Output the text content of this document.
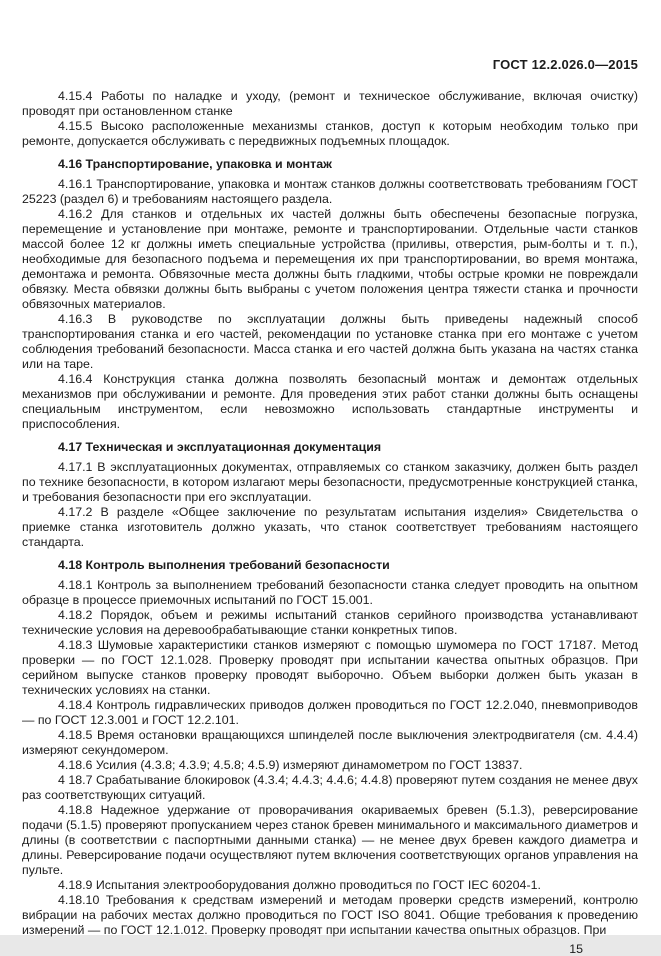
ГОСТ 12.2.026.0—2015

4.15.4 Работы по наладке и уходу, (ремонт и техническое обслуживание, включая очистку) проводят при остановленном станке

4.15.5 Высоко расположенные механизмы станков, доступ к которым необходим только при ремонте, допускается обслуживать с передвижных подъемных площадок.

4.16 Транспортирование, упаковка и монтаж

4.16.1 Транспортирование, упаковка и монтаж станков должны соответствовать требованиям ГОСТ 25223 (раздел 6) и требованиям настоящего раздела.

4.16.2 Для станков и отдельных их частей должны быть обеспечены безопасные погрузка, перемещение и установление при монтаже, ремонте и транспортировании. Отдельные части станков массой более 12 кг должны иметь специальные устройства (приливы, отверстия, рым-болты и т. п.), необходимые для безопасного подъема и перемещения их при транспортировании, во время монтажа, демонтажа и ремонта. Обвязочные места должны быть гладкими, чтобы острые кромки не повреждали обвязку. Места обвязки должны быть выбраны с учетом положения центра тяжести станка и прочности обвязочных материалов.

4.16.3 В руководстве по эксплуатации должны быть приведены надежный способ транспортирования станка и его частей, рекомендации по установке станка при его монтаже с учетом соблюдения требований безопасности. Масса станка и его частей должна быть указана на частях станка или на таре.

4.16.4 Конструкция станка должна позволять безопасный монтаж и демонтаж отдельных механизмов при обслуживании и ремонте. Для проведения этих работ станки должны быть оснащены специальным инструментом, если невозможно использовать стандартные инструменты и приспособления.

4.17 Техническая и эксплуатационная документация

4.17.1 В эксплуатационных документах, отправляемых со станком заказчику, должен быть раздел по технике безопасности, в котором излагают меры безопасности, предусмотренные конструкцией станка, и требования безопасности при его эксплуатации.

4.17.2 В разделе «Общее заключение по результатам испытания изделия» Свидетельства о приемке станка изготовитель должно указать, что станок соответствует требованиям настоящего стандарта.

4.18 Контроль выполнения требований безопасности

4.18.1 Контроль за выполнением требований безопасности станка следует проводить на опытном образце в процессе приемочных испытаний по ГОСТ 15.001.

4.18.2 Порядок, объем и режимы испытаний станков серийного производства устанавливают технические условия на деревообрабатывающие станки конкретных типов.

4.18.3 Шумовые характеристики станков измеряют с помощью шумомера по ГОСТ 17187. Метод проверки — по ГОСТ 12.1.028. Проверку проводят при испытании качества опытных образцов. При серийном выпуске станков проверку проводят выборочно. Объем выборки должен быть указан в технических условиях на станки.

4.18.4 Контроль гидравлических приводов должен проводиться по ГОСТ 12.2.040, пневмоприводов — по ГОСТ 12.3.001 и ГОСТ 12.2.101.

4.18.5 Время остановки вращающихся шпинделей после выключения электродвигателя (см. 4.4.4) измеряют секундомером.

4.18.6 Усилия (4.3.8; 4.3.9; 4.5.8; 4.5.9) измеряют динамометром по ГОСТ 13837.

4 18.7 Срабатывание блокировок (4.3.4; 4.4.3; 4.4.6; 4.4.8) проверяют путем создания не менее двух раз соответствующих ситуаций.

4.18.8 Надежное удержание от проворачивания окариваемых бревен (5.1.3), реверсирование подачи (5.1.5) проверяют пропусканием через станок бревен минимального и максимального диаметров и длины (в соответствии с паспортными данными станка) — не менее двух бревен каждого диаметра и длины. Реверсирование подачи осуществляют путем включения соответствующих органов управления на пульте.

4.18.9 Испытания электрооборудования должно проводиться по ГОСТ IEC 60204-1.

4.18.10 Требования к средствам измерений и методам проверки средств измерений, контролю вибрации на рабочих местах должно проводиться по ГОСТ ISO 8041. Общие требования к проведению измерений — по ГОСТ 12.1.012. Проверку проводят при испытании качества опытных образцов. При

15
